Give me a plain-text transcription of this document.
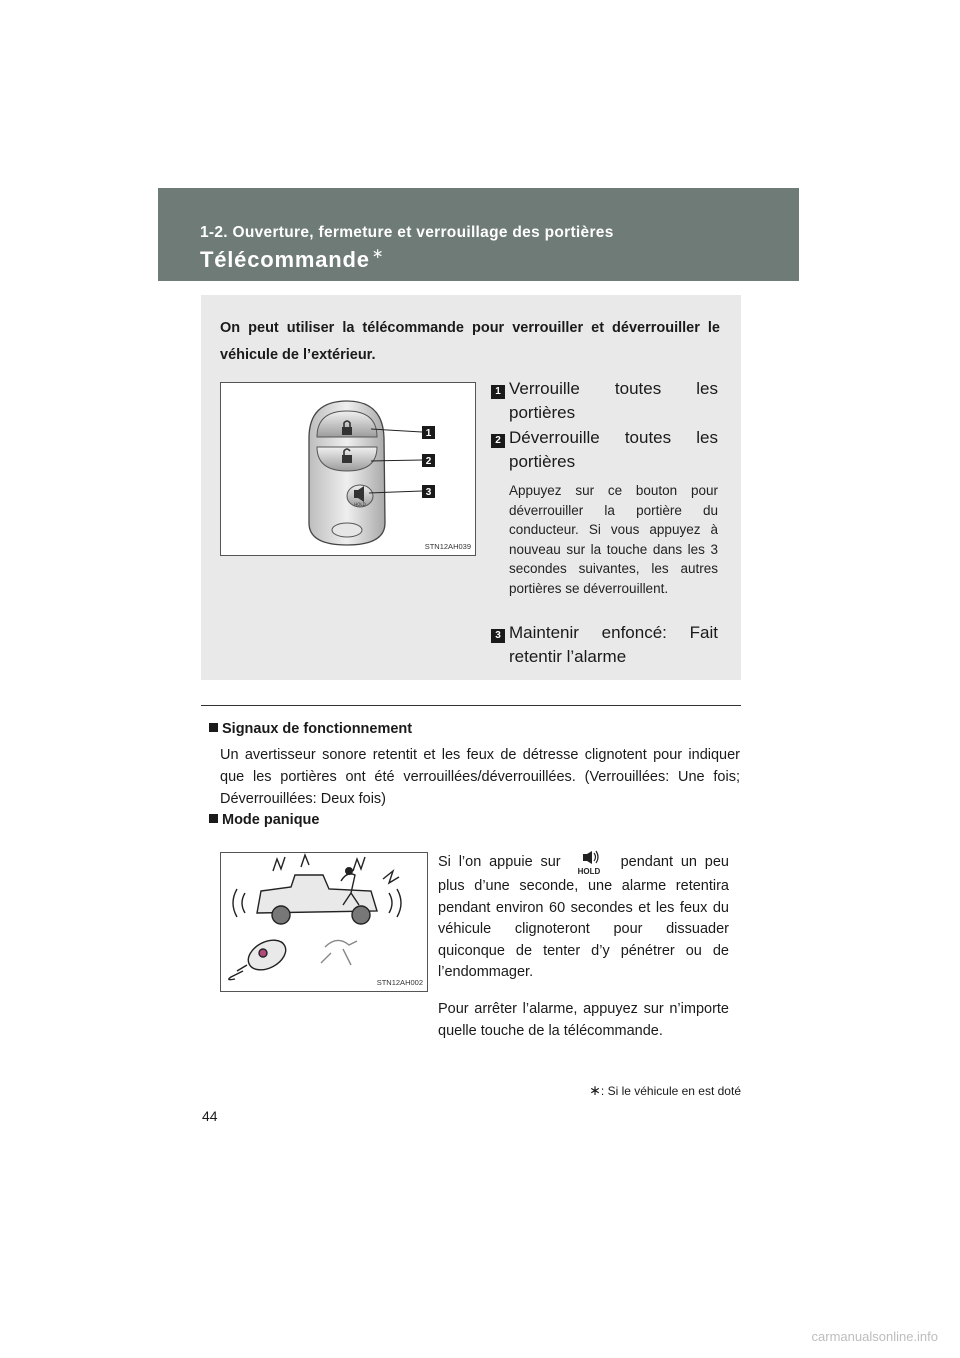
1-2. Ouverture, fermeture et verrouillage des portières
Télécommande ∗
On peut utiliser la télécommande pour verrouiller et déverrouiller le véhicule de l’extérieur.
HOLD
1
2
3
STN12AH039
1 Verrouille toutes les portières
2 Déverrouille toutes les portières
Appuyez sur ce bouton pour déverrouiller la portière du conducteur. Si vous appuyez à nouveau sur la touche dans les 3 secondes suivantes, les autres portières se déverrouillent.
3 Maintenir enfoncé: Fait retentir l’alarme
Signaux de fonctionnement
Un avertisseur sonore retentit et les feux de détresse clignotent pour indiquer que les portières ont été verrouillées/déverrouillées. (Verrouillées: Une fois; Déverrouillées: Deux fois)
Mode panique
STN12AH002
Si l’on appuie sur
HOLD
pendant un peu plus d’une seconde, une alarme retentira pendant environ 60 secondes et les feux du véhicule clignoteront pour dissuader quiconque de tenter d’y pénétrer ou de l’endommager.
Pour arrêter l’alarme, appuyez sur n’importe quelle touche de la télécommande.
∗: Si le véhicule en est doté
44
carmanualsonline.info
